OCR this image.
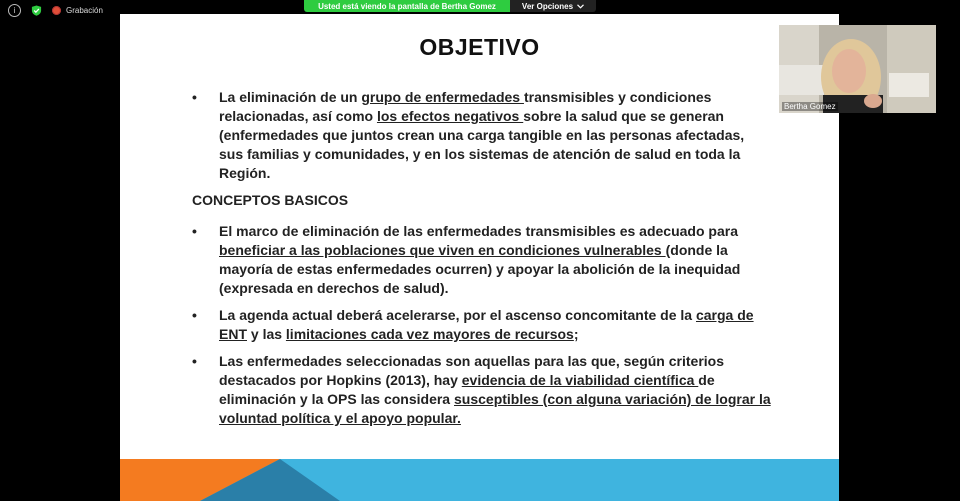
i	Grabación	Usted está viendo la pantalla de Bertha Gomez	Ver Opciones
OBJETIVO
• La eliminación de un grupo de enfermedades transmisibles y condiciones relacionadas, así como los efectos negativos sobre la salud que se generan (enfermedades que juntos crean una carga tangible en las personas afectadas, sus familias y comunidades, y en los sistemas de atención de salud en toda la Región.
CONCEPTOS BASICOS
• El marco de eliminación de las enfermedades transmisibles es adecuado para beneficiar a las poblaciones que viven en condiciones vulnerables (donde la mayoría de estas enfermedades ocurren) y apoyar la abolición de la inequidad (expresada en derechos de salud).
• La agenda actual deberá acelerarse, por el ascenso concomitante de la carga de ENT y las limitaciones cada vez mayores de recursos;
• Las enfermedades seleccionadas son aquellas para las que, según criterios destacados por Hopkins (2013), hay evidencia de la viabilidad científica de eliminación y la OPS las considera susceptibles (con alguna variación) de lograr la voluntad política y el apoyo popular.
Bertha Gomez
